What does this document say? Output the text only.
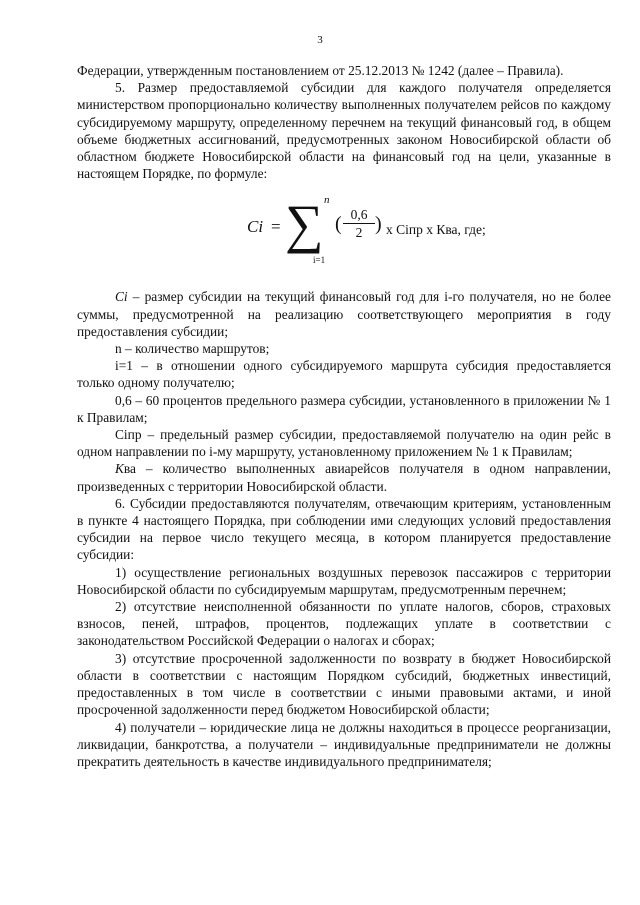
3

Федерации, утвержденным постановлением от 25.12.2013 № 1242 (далее – Правила).

5. Размер предоставляемой субсидии для каждого получателя определяется министерством пропорционально количеству выполненных получателем рейсов по каждому субсидируемому маршруту, определенному перечнем на текущий финансовый год, в общем объеме бюджетных ассигнований, предусмотренных законом Новосибирской области об областном бюджете Новосибирской области на финансовый год на цели, указанные в настоящем Порядке, по формуле:

Ci = ∑ n
i=1
( $\frac{0,6}{2}$ ) х Сiпр х Ква, где;

Ci – размер субсидии на текущий финансовый год для i-го получателя, но не более суммы, предусмотренной на реализацию соответствующего мероприятия в году предоставления субсидии;

n – количество маршрутов;

i=1 – в отношении одного субсидируемого маршрута субсидия предоставляется только одному получателю;

0,6 – 60 процентов предельного размера субсидии, установленного в приложении № 1 к Правилам;

Сiпр – предельный размер субсидии, предоставляемой получателю на один рейс в одном направлении по i-му маршруту, установленному приложением № 1 к Правилам;

Ква – количество выполненных авиарейсов получателя в одном направлении, произведенных с территории Новосибирской области.

6. Субсидии предоставляются получателям, отвечающим критериям, установленным в пункте 4 настоящего Порядка, при соблюдении ими следующих условий предоставления субсидии на первое число текущего месяца, в котором планируется предоставление субсидии:

1) осуществление региональных воздушных перевозок пассажиров с территории Новосибирской области по субсидируемым маршрутам, предусмотренным перечнем;

2) отсутствие неисполненной обязанности по уплате налогов, сборов, страховых взносов, пеней, штрафов, процентов, подлежащих уплате в соответствии с законодательством Российской Федерации о налогах и сборах;

3) отсутствие просроченной задолженности по возврату в бюджет Новосибирской области в соответствии с настоящим Порядком субсидий, бюджетных инвестиций, предоставленных в том числе в соответствии с иными правовыми актами, и иной просроченной задолженности перед бюджетом Новосибирской области;

4) получатели – юридические лица не должны находиться в процессе реорганизации, ликвидации, банкротства, а получатели – индивидуальные предприниматели не должны прекратить деятельность в качестве индивидуального предпринимателя;
